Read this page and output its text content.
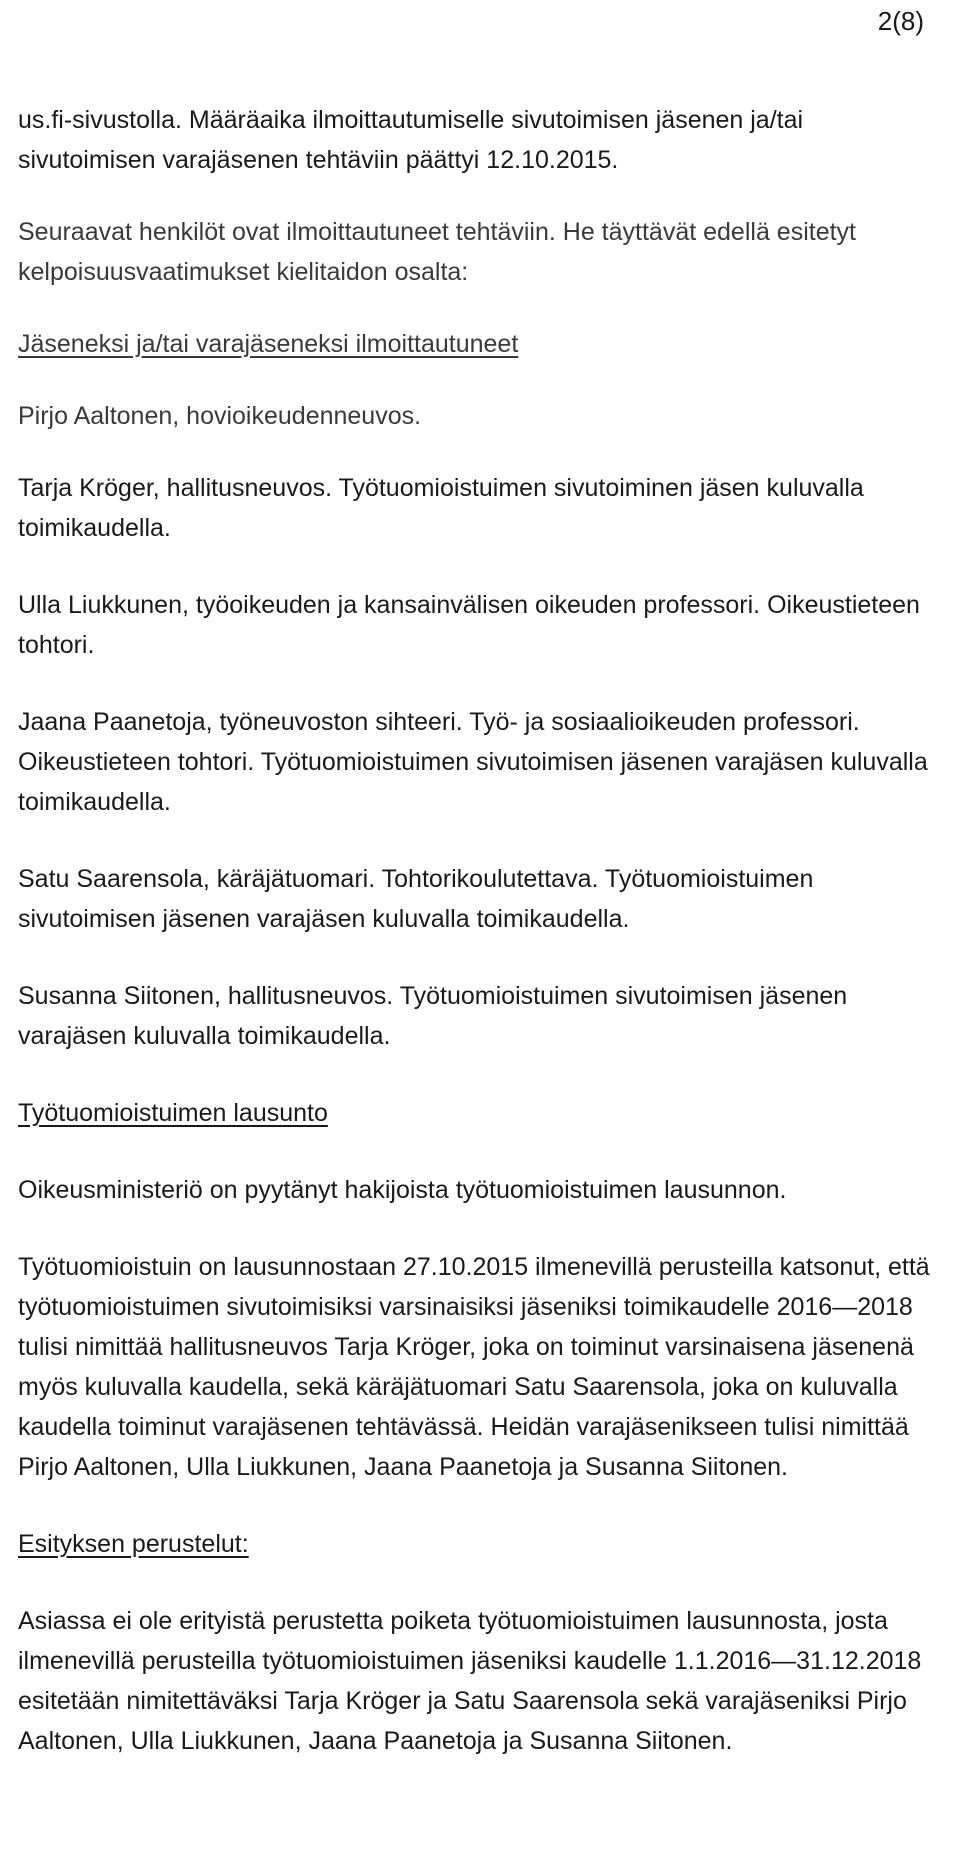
2(8)

us.fi-sivustolla. Määräaika ilmoittautumiselle sivutoimisen jäsenen ja/tai sivutoimisen varajäsenen tehtäviin päättyi 12.10.2015.

Seuraavat henkilöt ovat ilmoittautuneet tehtäviin. He täyttävät edellä esitetyt kelpoisuusvaatimukset kielitaidon osalta:

Jäseneksi ja/tai varajäseneksi ilmoittautuneet

Pirjo Aaltonen, hovioikeudenneuvos.

Tarja Kröger, hallitusneuvos. Työtuomioistuimen sivutoiminen jäsen kuluvalla toimikaudella.

Ulla Liukkunen, työoikeuden ja kansainvälisen oikeuden professori. Oikeustieteen tohtori.

Jaana Paanetoja, työneuvoston sihteeri. Työ- ja sosiaalioikeuden professori. Oikeustieteen tohtori. Työtuomioistuimen sivutoimisen jäsenen varajäsen kuluvalla toimikaudella.

Satu Saarensola, käräjätuomari. Tohtorikoulutettava. Työtuomioistuimen sivutoimisen jäsenen varajäsen kuluvalla toimikaudella.

Susanna Siitonen, hallitusneuvos. Työtuomioistuimen sivutoimisen jäsenen varajäsen kuluvalla toimikaudella.

Työtuomioistuimen lausunto

Oikeusministeriö on pyytänyt hakijoista työtuomioistuimen lausunnon.

Työtuomioistuin on lausunnostaan 27.10.2015 ilmenevillä perusteilla katsonut, että työtuomioistuimen sivutoimisiksi varsinaisiksi jäseniksi toimikaudelle 2016—2018 tulisi nimittää hallitusneuvos Tarja Kröger, joka on toiminut varsinaisena jäsenenä myös kuluvalla kaudella, sekä käräjätuomari Satu Saarensola, joka on kuluvalla kaudella toiminut varajäsenen tehtävässä. Heidän varajäsenikseen tulisi nimittää Pirjo Aaltonen, Ulla Liukkunen, Jaana Paanetoja ja Susanna Siitonen.

Esityksen perustelut:

Asiassa ei ole erityistä perustetta poiketa työtuomioistuimen lausunnosta, josta ilmenevillä perusteilla työtuomioistuimen jäseniksi kaudelle 1.1.2016—31.12.2018 esitetään nimitettäväksi Tarja Kröger ja Satu Saarensola sekä varajäseniksi Pirjo Aaltonen, Ulla Liukkunen, Jaana Paanetoja ja Susanna Siitonen.
